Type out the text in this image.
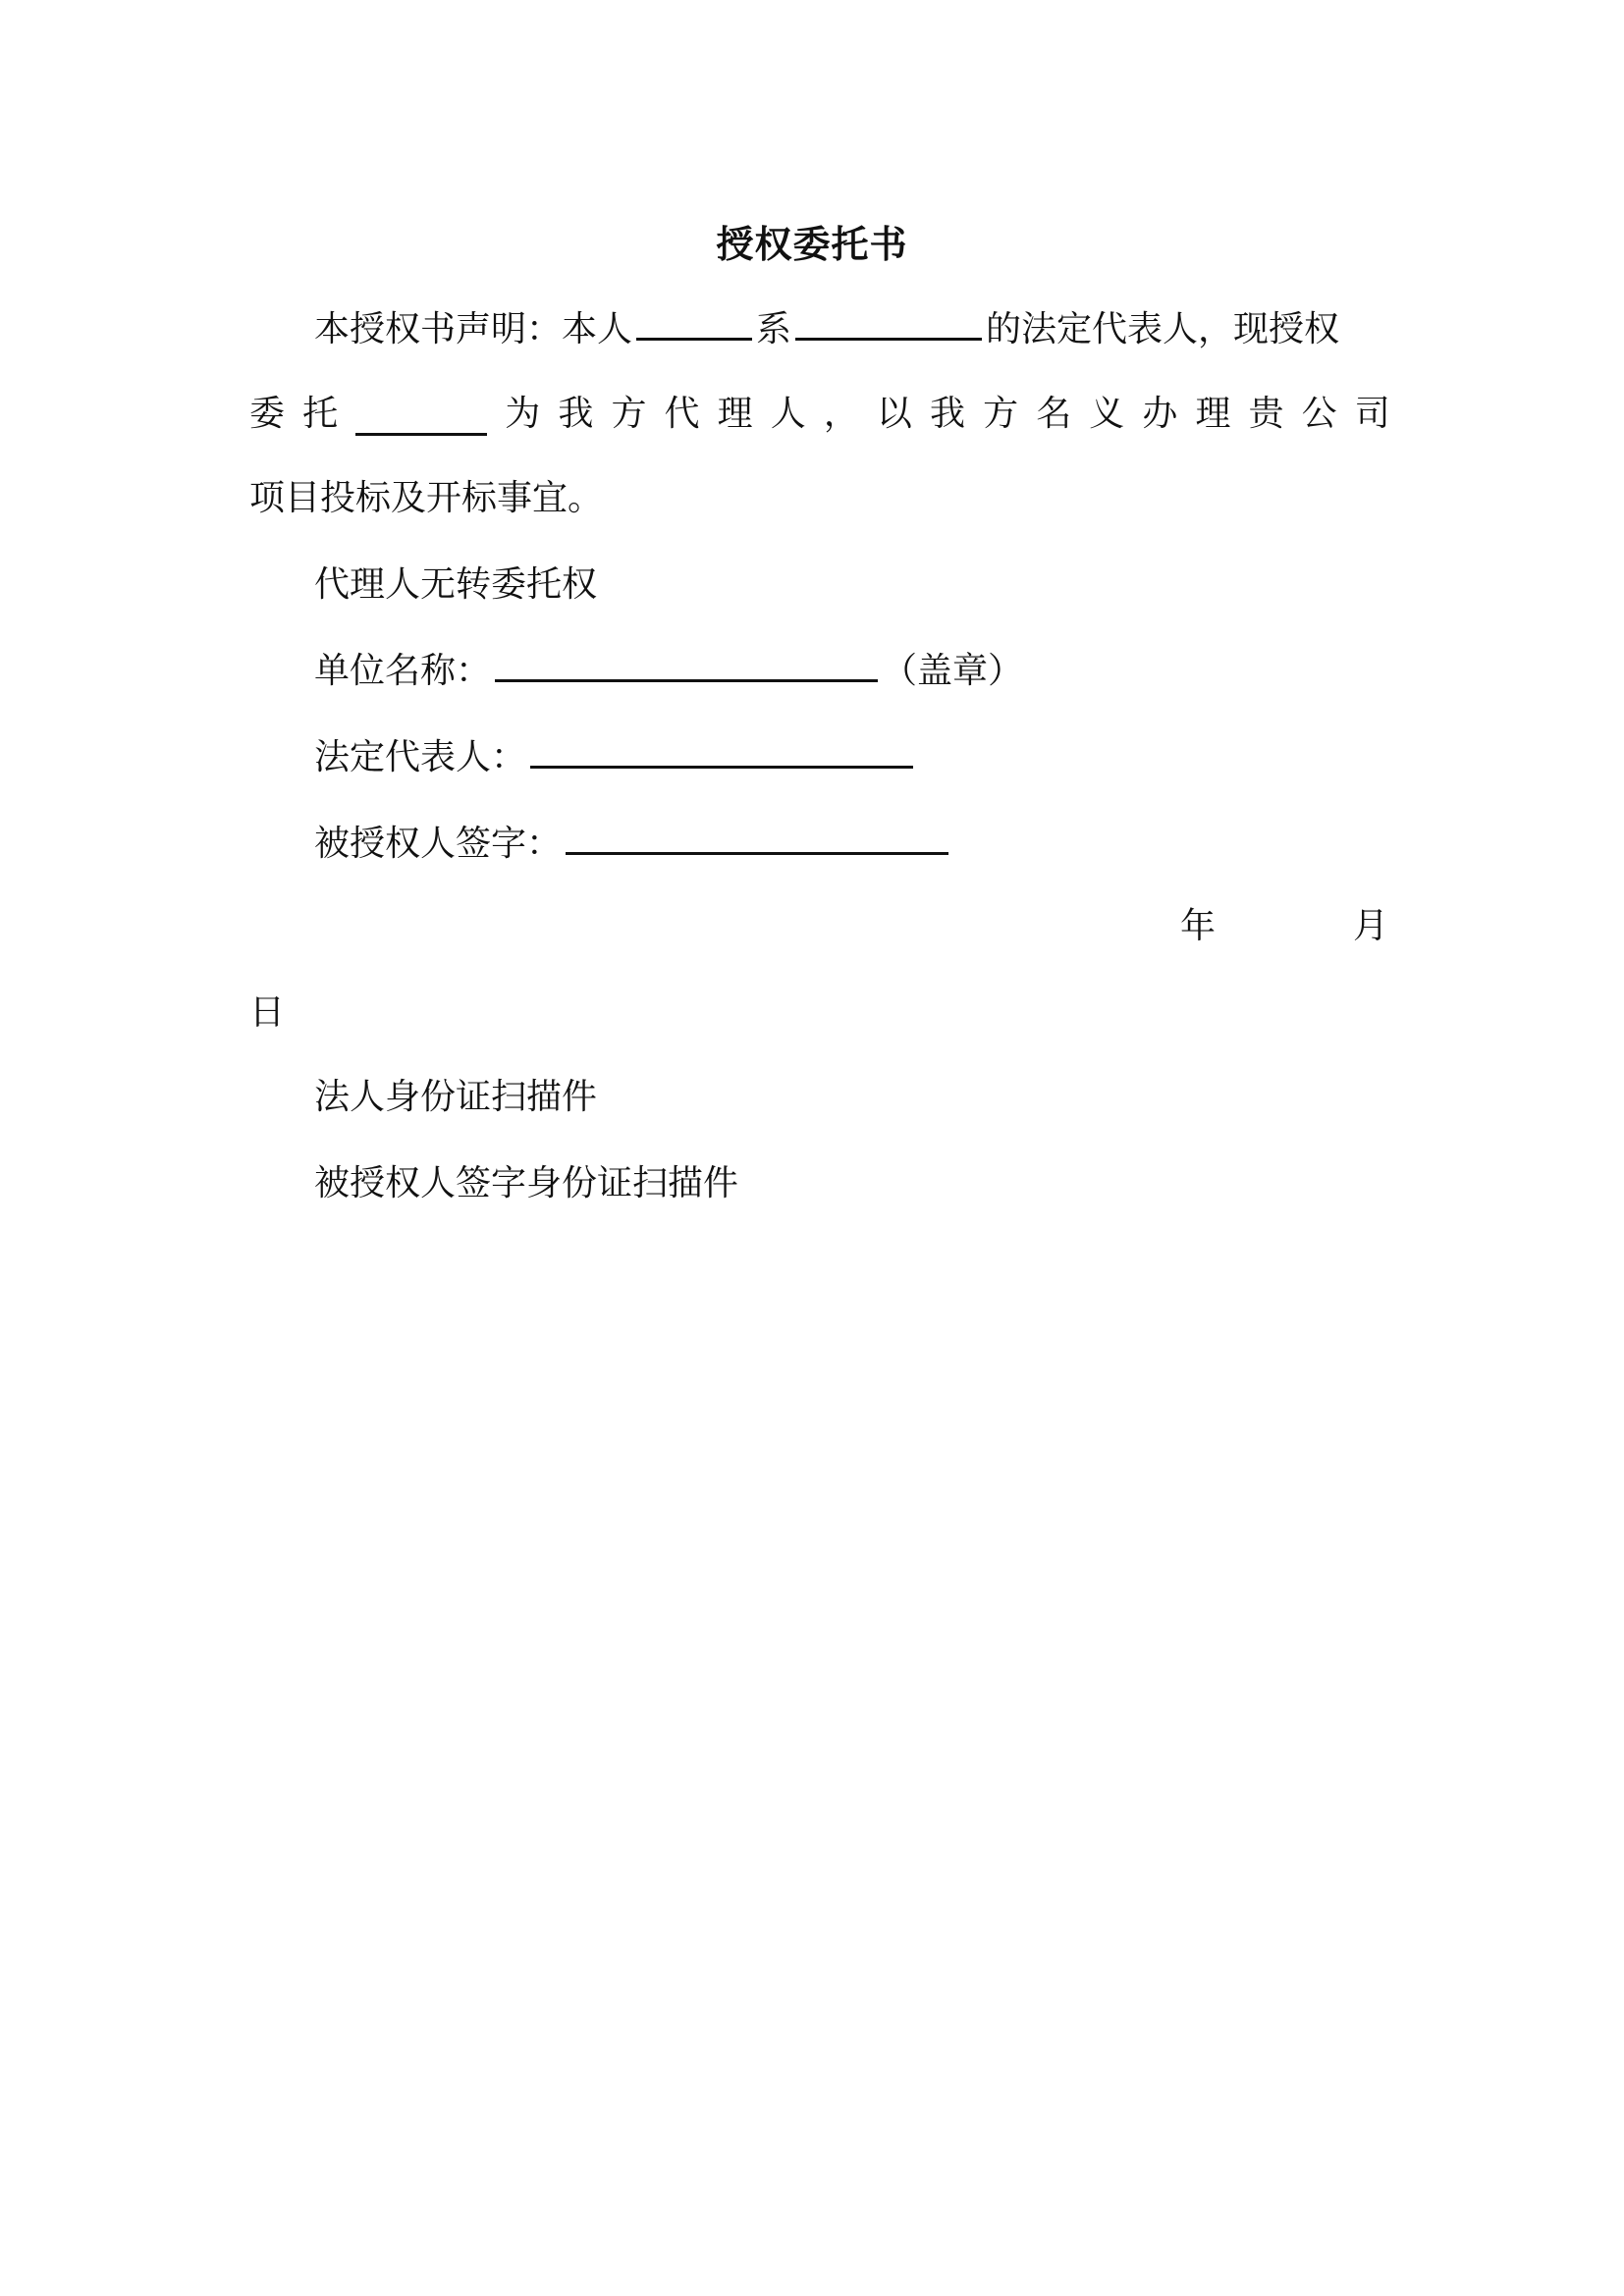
授权委托书
本授权书声明：本人	系	的法定代表人，现授权
委 托	为 我 方 代 理 人 ， 以 我 方 名 义 办 理 贵 公 司
项目投标及开标事宜。
代理人无转委托权
单位名称：	（盖章）
法定代表人：
被授权人签字：
年	月
日
法人身份证扫描件
被授权人签字身份证扫描件
